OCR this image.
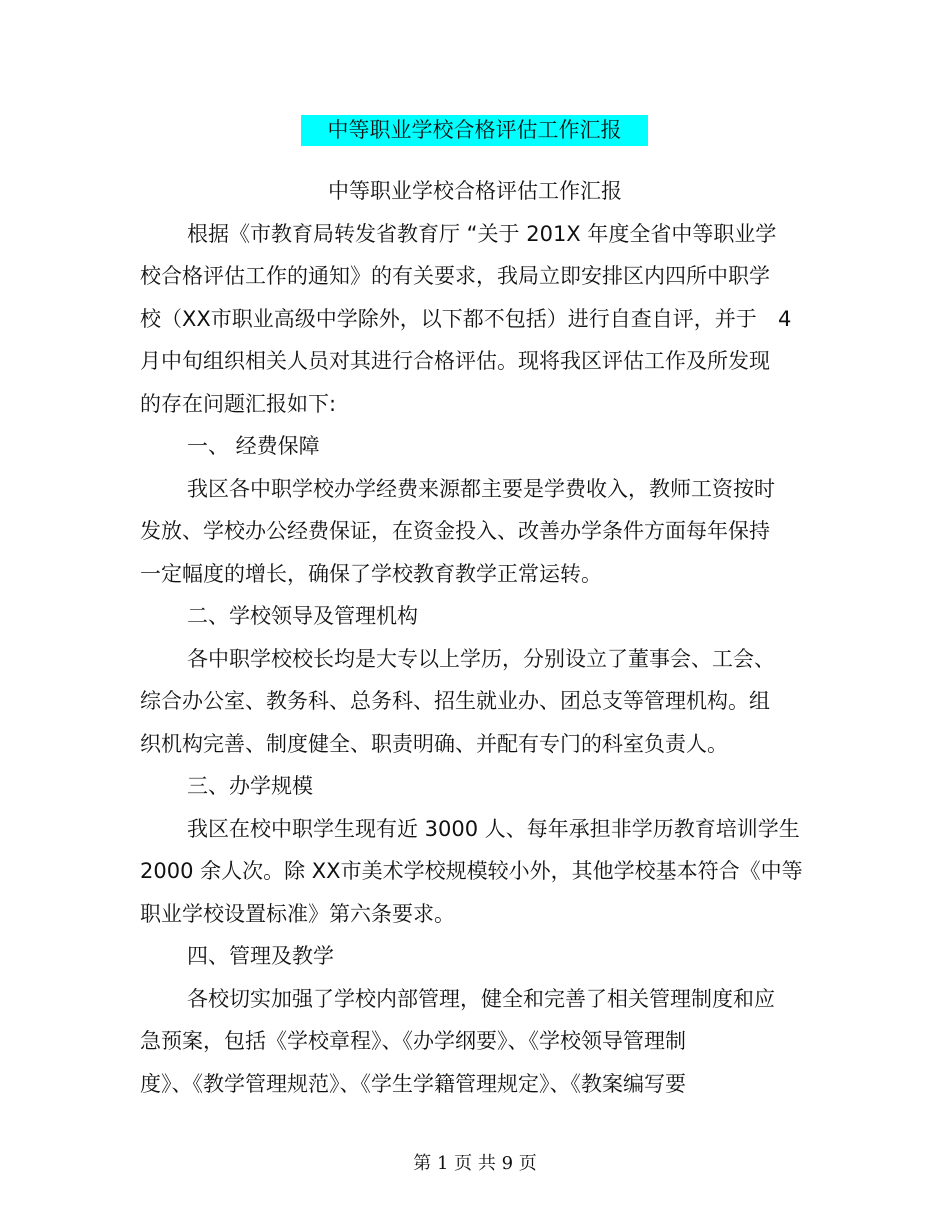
中等职业学校合格评估工作汇报
中等职业学校合格评估工作汇报
根据《市教育局转发省教育厅 “关于 201X 年度全省中等职业学
校合格评估工作的通知》的有关要求，我局立即安排区内四所中职学
校（XX市职业高级中学除外，以下都不包括）进行自查自评，并于 4
月中旬组织相关人员对其进行合格评估。现将我区评估工作及所发现
的存在问题汇报如下:
一、 经费保障
我区各中职学校办学经费来源都主要是学费收入，教师工资按时
发放、学校办公经费保证，在资金投入、改善办学条件方面每年保持
一定幅度的增长，确保了学校教育教学正常运转。
二、学校领导及管理机构
各中职学校校长均是大专以上学历，分别设立了董事会、工会、
综合办公室、教务科、总务科、招生就业办、团总支等管理机构。组
织机构完善、制度健全、职责明确、并配有专门的科室负责人。
三、办学规模
我区在校中职学生现有近 3000 人、每年承担非学历教育培训学生
2000 余人次。除 XX市美术学校规模较小外，其他学校基本符合《中等
职业学校设置标准》第六条要求。
四、管理及教学
各校切实加强了学校内部管理，健全和完善了相关管理制度和应
急预案，包括《学校章程》、《办学纲要》、《学校领导管理制
度》、《教学管理规范》、《学生学籍管理规定》、《教案编写要
第 1 页 共 9 页
